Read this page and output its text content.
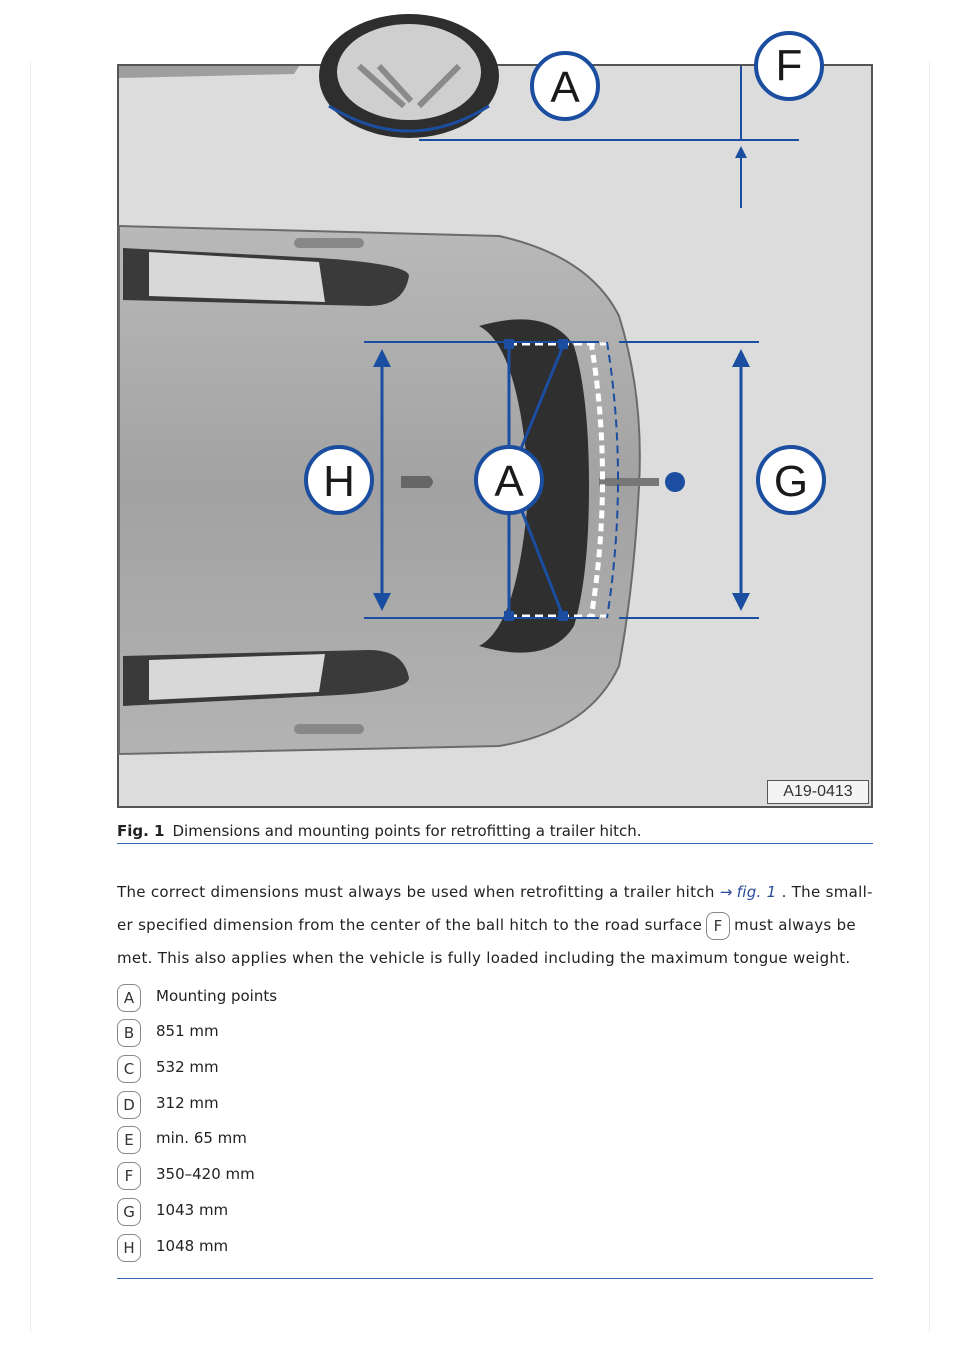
A	F
H	A	G
A19-0413
Fig. 1 Dimensions and mounting points for retrofitting a trailer hitch.
The correct dimensions must always be used when retrofitting a trailer hitch → fig. 1 . The small-
er specified dimension from the center of the ball hitch to the road surface F must always be
met. This also applies when the vehicle is fully loaded including the maximum tongue weight.
A	Mounting points
B	851 mm
C	532 mm
D	312 mm
E	min. 65 mm
F	350–420 mm
G	1043 mm
H	1048 mm
